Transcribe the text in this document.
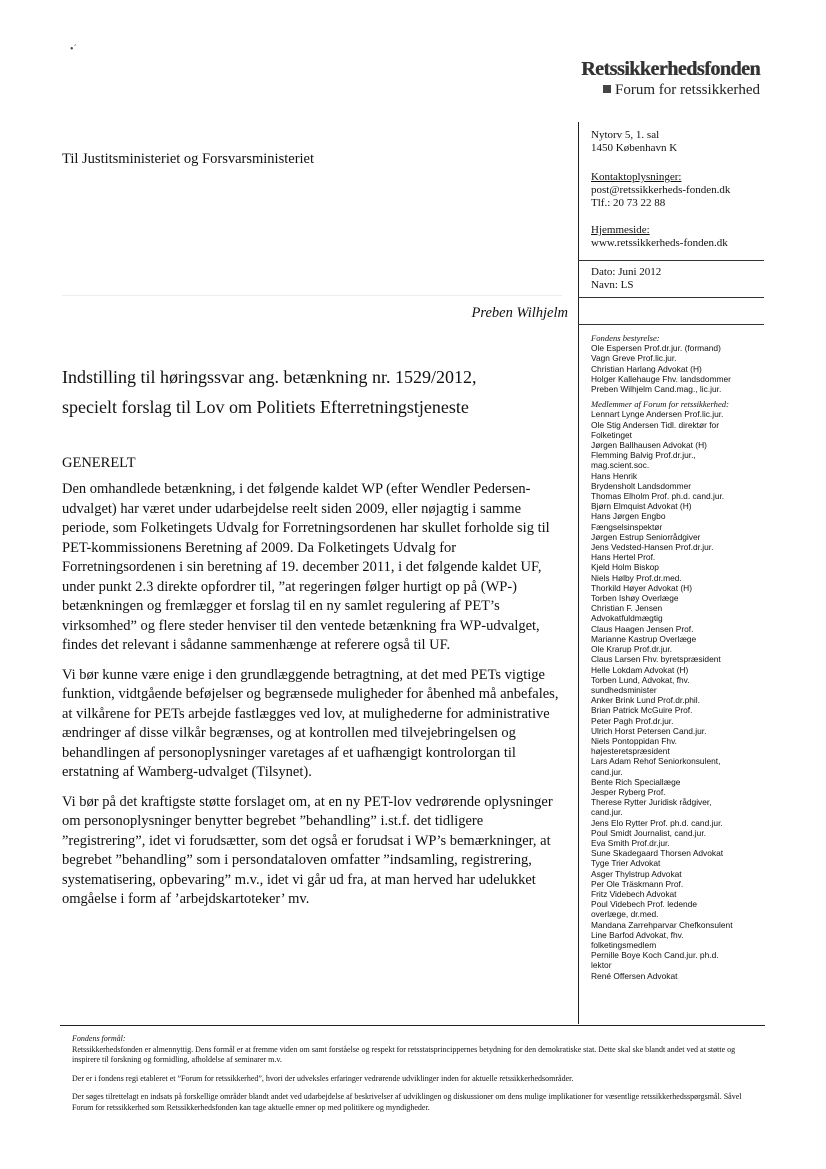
•ˊ
Retssikkerhedsfonden
Forum for retssikkerhed
Til Justitsministeriet og Forsvarsministeriet
Nytorv 5, 1. sal
1450 København K
Kontaktoplysninger:
post@retssikkerheds-fonden.dk
Tlf.: 20 73 22 88
Hjemmeside:
www.retssikkerheds-fonden.dk
Dato: Juni 2012
Navn: LS
Preben Wilhjelm
Indstilling til høringssvar ang. betænkning nr. 1529/2012,
specielt forslag til Lov om Politiets Efterretningstjeneste
GENERELT

Den omhandlede betænkning, i det følgende kaldet WP (efter Wendler Pedersen-udvalget) har været under udarbejdelse reelt siden 2009, eller nøjagtig i samme periode, som Folketingets Udvalg for Forretningsordenen har skullet forholde sig til PET-kommissionens Beretning af 2009. Da Folketingets Udvalg for Forretningsordenen i sin beretning af 19. december 2011, i det følgende kaldet UF, under punkt 2.3 direkte opfordrer til, ”at regeringen følger hurtigt op på (WP-) betænkningen og fremlægger et forslag til en ny samlet regulering af PET’s virksomhed” og flere steder henviser til den ventede betænkning fra WP-udvalget, findes det relevant i sådanne sammenhænge at referere også til UF.

Vi bør kunne være enige i den grundlæggende betragtning, at det med PETs vigtige funktion, vidtgående beføjelser og begrænsede muligheder for åbenhed må anbefales, at vilkårene for PETs arbejde fastlægges ved lov, at mulighederne for administrative ændringer af disse vilkår begrænses, og at kontrollen med tilvejebringelsen og behandlingen af personoplysninger varetages af et uafhængigt kontrolorgan til erstatning af Wamberg-udvalget (Tilsynet).

Vi bør på det kraftigste støtte forslaget om, at en ny PET-lov vedrørende oplysninger om personoplysninger benytter begrebet ”behandling” i.st.f. det tidligere ”registrering”, idet vi forudsætter, som det også er forudsat i WP’s bemærkninger, at begrebet ”behandling” som i persondataloven omfatter ”indsamling, registrering, systematisering, opbevaring” m.v., idet vi går ud fra, at man herved har udelukket omgåelse i form af ’arbejdskartoteker’ mv.

Fondens bestyrelse:
Ole Espersen Prof.dr.jur. (formand)
Vagn Greve Prof.lic.jur.
Christian Harlang Advokat (H)
Holger Kallehauge Fhv. landsdommer
Preben Wilhjelm Cand.mag., lic.jur.
Medlemmer af Forum for retssikkerhed:
Lennart Lynge Andersen Prof.lic.jur.
Ole Stig Andersen Tidl. direktør for
Folketinget
Jørgen Ballhausen Advokat (H)
Flemming Balvig Prof.dr.jur.,
mag.scient.soc.
Hans Henrik
Brydensholt Landsdommer
Thomas Elholm Prof. ph.d. cand.jur.
Bjørn Elmquist Advokat (H)
Hans Jørgen Engbo
Fængselsinspektør
Jørgen Estrup Seniorrådgiver
Jens Vedsted-Hansen Prof.dr.jur.
Hans Hertel Prof.
Kjeld Holm Biskop
Niels Hølby Prof.dr.med.
Thorkild Høyer Advokat (H)
Torben Ishøy Overlæge
Christian F. Jensen
Advokatfuldmægtig
Claus Haagen Jensen Prof.
Marianne Kastrup Overlæge
Ole Krarup Prof.dr.jur.
Claus Larsen Fhv. byretspræsident
Helle Lokdam Advokat (H)
Torben Lund, Advokat, fhv.
sundhedsminister
Anker Brink Lund Prof.dr.phil.
Brian Patrick McGuire Prof.
Peter Pagh Prof.dr.jur.
Ulrich Horst Petersen Cand.jur.
Niels Pontoppidan Fhv.
højesteretspræsident
Lars Adam Rehof Seniorkonsulent,
cand.jur.
Bente Rich Speciallæge
Jesper Ryberg Prof.
Therese Rytter Juridisk rådgiver,
cand.jur.
Jens Elo Rytter Prof. ph.d. cand.jur.
Poul Smidt Journalist, cand.jur.
Eva Smith Prof.dr.jur.
Sune Skadegaard Thorsen Advokat
Tyge Trier Advokat
Asger Thylstrup Advokat
Per Ole Träskmann Prof.
Fritz Videbech Advokat
Poul Videbech Prof. ledende
overlæge, dr.med.
Mandana Zarrehparvar Chefkonsulent
Line Barfod Advokat, fhv.
folketingsmedlem
Pernille Boye Koch Cand.jur. ph.d.
lektor
René Offersen Advokat
Fondens formål:

Retssikkerhedsfonden er almennyttig. Dens formål er at fremme viden om samt forståelse og respekt for retsstatsprincippernes betydning for den demokratiske stat. Dette skal ske blandt andet ved at støtte og inspirere til forskning og formidling, afholdelse af seminarer m.v.

Der er i fondens regi etableret et ”Forum for retssikkerhed”, hvori der udveksles erfaringer vedrørende udviklinger inden for aktuelle retssikkerhedsområder.

Der søges tilrettelagt en indsats på forskellige områder blandt andet ved udarbejdelse af beskrivelser af udviklingen og diskussioner om dens mulige implikationer for væsentlige retssikkerhedsspørgsmål. Såvel Forum for retssikkerhed som Retssikkerhedsfonden kan tage aktuelle emner op med politikere og myndigheder.
